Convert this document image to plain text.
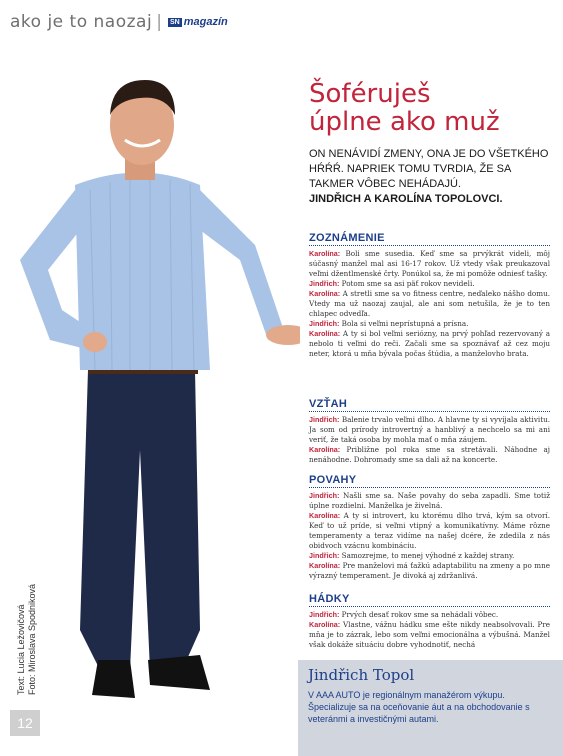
ako je to naozaj | SN magazín
Text: Lucia Ležovičová Foto: Miroslava Spodniková
12
Šoféruješ
úplne ako muž
ON NENÁVIDÍ ZMENY, ONA JE DO VŠETKÉHO HŔŔŔ. NAPRIEK TOMU TVRDIA, ŽE SA TAKMER VÔBEC NEHÁDAJÚ.
JINDŘICH A KAROLÍNA TOPOLOVCI.
ZOZNÁMENIE

Karolína: Boli sme susedia. Keď sme sa prvýkrát videli, môj súčasný manžel mal asi 16-17 rokov. Už vtedy však preukazoval veľmi džentlmenské črty. Ponúkol sa, že mi pomôže odniesť tašky.

Jindřich: Potom sme sa asi päť rokov nevideli.

Karolína: A stretli sme sa vo fitness centre, neďaleko nášho domu. Vtedy ma už naozaj zaujal, ale ani som netušila, že je to ten chlapec odvedľa.

Jindřich: Bola si veľmi neprístupná a prísna.

Karolína: A ty si bol veľmi seriózny, na prvý pohľad rezervovaný a nebolo ti veľmi do reči. Začali sme sa spoznávať až cez moju neter, ktorá u mňa bývala počas štúdia, a manželovho brata.

VZŤAH

Jindřich: Balenie trvalo veľmi dlho. A hlavne ty si vyvíjala aktivitu. Ja som od prírody introvertný a hanblivý a nechcelo sa mi ani veriť, že taká osoba by mohla mať o mňa záujem.

Karolína: Približne pol roka sme sa stretávali. Náhodne aj nenáhodne. Dohromady sme sa dali až na koncerte.

POVAHY

Jindřich: Našli sme sa. Naše povahy do seba zapadli. Sme totiž úplne rozdielni. Manželka je živelná.

Karolína: A ty si introvert, ku ktorému dlho trvá, kým sa otvorí. Keď to už príde, si veľmi vtipný a komunikatívny. Máme rôzne temperamenty a teraz vidíme na našej dcére, že zdedila z nás obidvoch vzácnu kombináciu.

Jindřich: Samozrejme, to menej výhodné z každej strany.

Karolína: Pre manželovi má ťažkú adaptabilitu na zmeny a po mne výrazný temperament. Je divoká aj zdržanlivá.

HÁDKY

Jindřich: Prvých desať rokov sme sa nehádali vôbec.

Karolína: Vlastne, vážnu hádku sme ešte nikdy neabsolvovali. Pre mňa je to zázrak, lebo som veľmi emocionálna a výbušná. Manžel však dokáže situáciu dobre vyhodnotiť, nechá

Jindřich Topol
V AAA AUTO je regionálnym manažérom výkupu. Špecializuje sa na oceňovanie áut a na obchodovanie s veteránmi a investičnými autami.
